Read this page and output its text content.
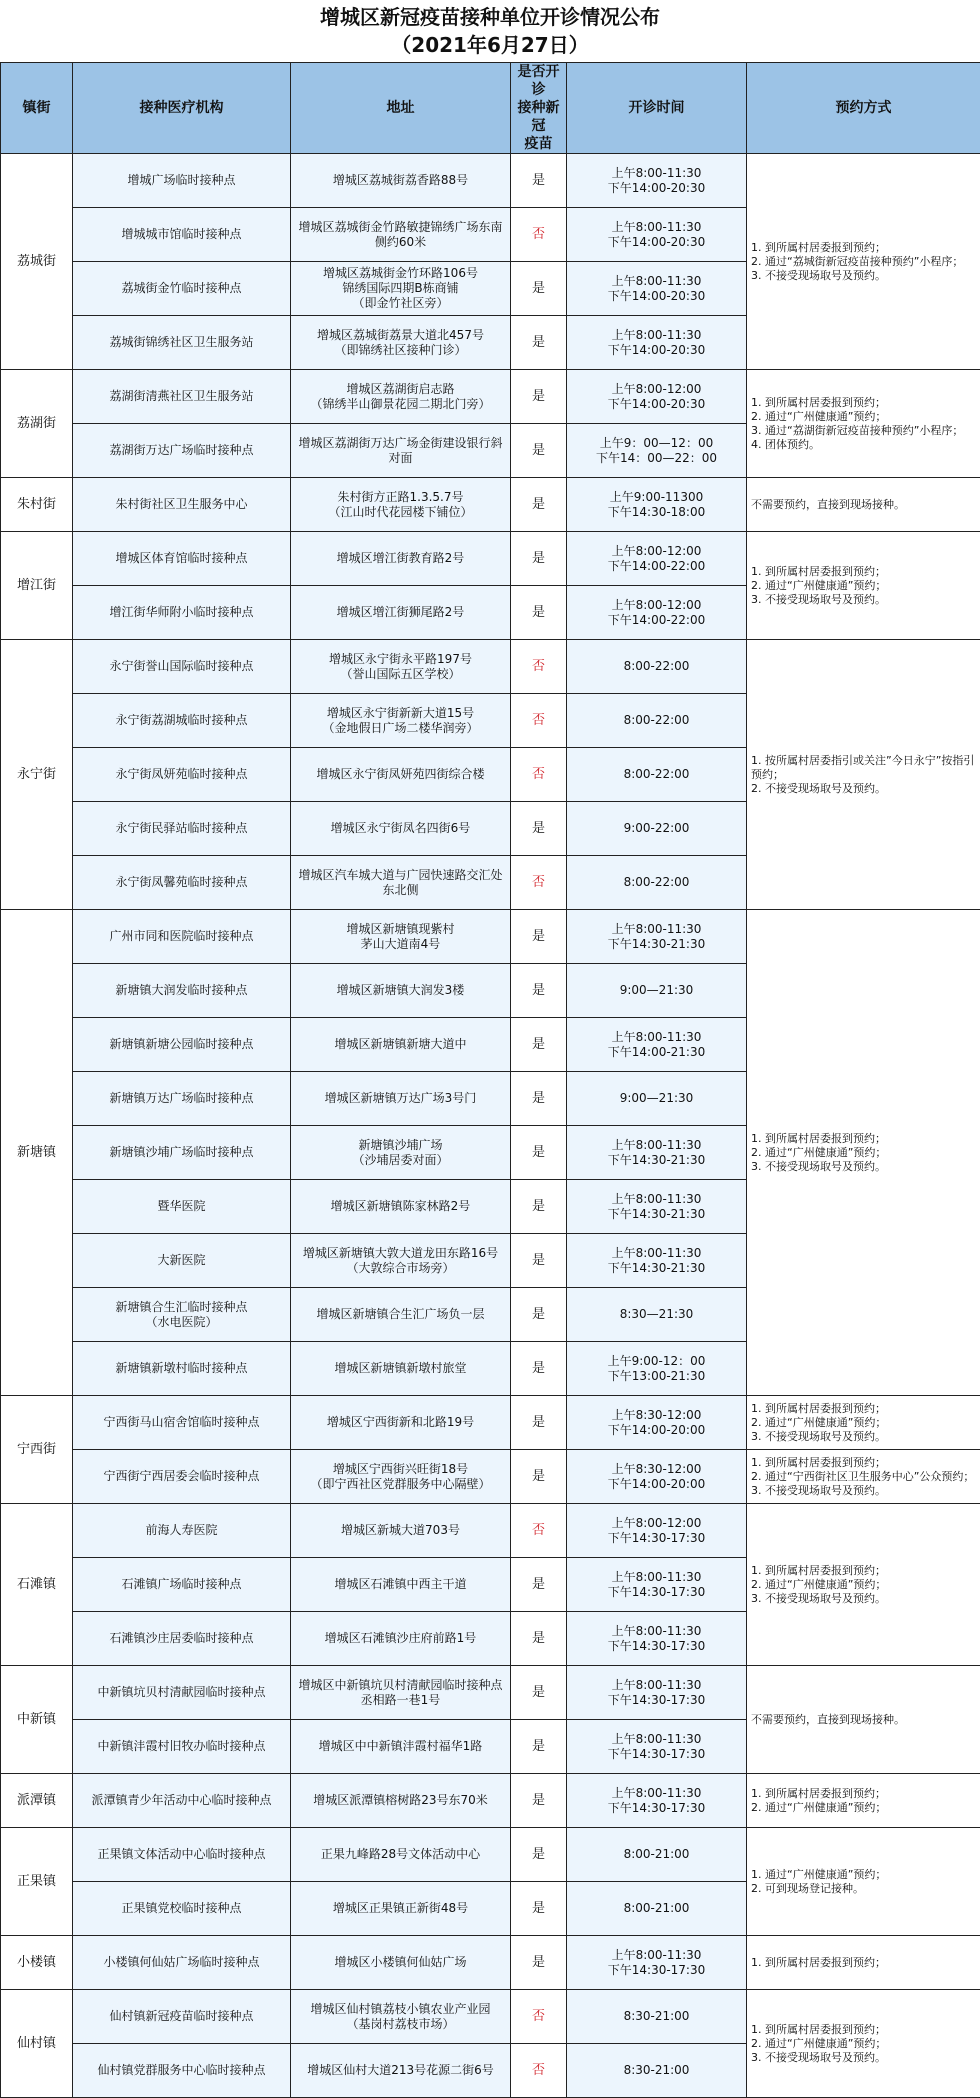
增城区新冠疫苗接种单位开诊情况公布
（2021年6月27日）
镇街	接种医疗机构	地址	是否开诊
接种新冠
疫苗	开诊时间	预约方式
荔城街	增城广场临时接种点	增城区荔城街荔香路88号	是	上午8:00-11:30
下午14:00-20:30	1. 到所属村居委报到预约；
2. 通过“荔城街新冠疫苗接种预约”小程序；
3. 不接受现场取号及预约。
	增城城市馆临时接种点	增城区荔城街金竹路敏捷锦绣广场东南侧约60米	否	上午8:00-11:30
下午14:00-20:30	
	荔城街金竹临时接种点	增城区荔城街金竹环路106号
锦绣国际四期B栋商铺
（即金竹社区旁）	是	上午8:00-11:30
下午14:00-20:30	
	荔城街锦绣社区卫生服务站	增城区荔城街荔景大道北457号
（即锦绣社区接种门诊）	是	上午8:00-11:30
下午14:00-20:30	
荔湖街	荔湖街清燕社区卫生服务站	增城区荔湖街启志路
（锦绣半山御景花园二期北门旁）	是	上午8:00-12:00
下午14:00-20:30	1. 到所属村居委报到预约；
2. 通过“广州健康通”预约；
3. 通过“荔湖街新冠疫苗接种预约”小程序；
4. 团体预约。
	荔湖街万达广场临时接种点	增城区荔湖街万达广场金街建设银行斜对面	是	上午9：00—12：00
下午14：00—22：00	
朱村街	朱村街社区卫生服务中心	朱村街方正路1.3.5.7号
（江山时代花园楼下铺位）	是	上午9:00-11300
下午14:30-18:00	不需要预约，直接到现场接种。
增江街	增城区体育馆临时接种点	增城区增江街教育路2号	是	上午8:00-12:00
下午14:00-22:00	1. 到所属村居委报到预约；
2. 通过“广州健康通”预约；
3. 不接受现场取号及预约。
	增江街华师附小临时接种点	增城区增江街狮尾路2号	是	上午8:00-12:00
下午14:00-22:00	
永宁街	永宁街誉山国际临时接种点	增城区永宁街永平路197号
（誉山国际五区学校）	否	8:00-22:00	1. 按所属村居委指引或关注”今日永宁”按指引预约；
2. 不接受现场取号及预约。
	永宁街荔湖城临时接种点	增城区永宁街新新大道15号
（金地假日广场二楼华润旁）	否	8:00-22:00	
	永宁街凤妍苑临时接种点	增城区永宁街凤妍苑四街综合楼	否	8:00-22:00	
	永宁街民驿站临时接种点	增城区永宁街凤名四街6号	是	9:00-22:00	
	永宁街凤馨苑临时接种点	增城区汽车城大道与广园快速路交汇处东北侧	否	8:00-22:00	
新塘镇	广州市同和医院临时接种点	增城区新塘镇现紫村
茅山大道南4号	是	上午8:00-11:30
下午14:30-21:30	1. 到所属村居委报到预约；
2. 通过“广州健康通”预约；
3. 不接受现场取号及预约。
	新塘镇大润发临时接种点	增城区新塘镇大润发3楼	是	9:00—21:30	
	新塘镇新塘公园临时接种点	增城区新塘镇新塘大道中	是	上午8:00-11:30
下午14:00-21:30	
	新塘镇万达广场临时接种点	增城区新塘镇万达广场3号门	是	9:00—21:30	
	新塘镇沙埔广场临时接种点	新塘镇沙埔广场
（沙埔居委对面）	是	上午8:00-11:30
下午14:30-21:30	
	暨华医院	增城区新塘镇陈家林路2号	是	上午8:00-11:30
下午14:30-21:30	
	大新医院	增城区新塘镇大敦大道龙田东路16号
（大敦综合市场旁）	是	上午8:00-11:30
下午14:30-21:30	
	新塘镇合生汇临时接种点
（水电医院）	增城区新塘镇合生汇广场负一层	是	8:30—21:30	
	新塘镇新墩村临时接种点	增城区新塘镇新墩村旅堂	是	上午9:00-12：00
下午13:00-21:30	
宁西街	宁西街马山宿舍馆临时接种点	增城区宁西街新和北路19号	是	上午8:30-12:00
下午14:00-20:00	1. 到所属村居委报到预约；
2. 通过“广州健康通”预约；
3. 不接受现场取号及预约。
	宁西街宁西居委会临时接种点	增城区宁西街兴旺街18号
（即宁西社区党群服务中心隔壁）	是	上午8:30-12:00
下午14:00-20:00	1. 到所属村居委报到预约；
2. 通过“宁西街社区卫生服务中心”公众预约；
3. 不接受现场取号及预约。
石滩镇	前海人寿医院	增城区新城大道703号	否	上午8:00-12:00
下午14:30-17:30	1. 到所属村居委报到预约；
2. 通过“广州健康通”预约；
3. 不接受现场取号及预约。
	石滩镇广场临时接种点	增城区石滩镇中西主干道	是	上午8:00-11:30
下午14:30-17:30	
	石滩镇沙庄居委临时接种点	增城区石滩镇沙庄府前路1号	是	上午8:00-11:30
下午14:30-17:30	
中新镇	中新镇坑贝村清献园临时接种点	增城区中新镇坑贝村清献园临时接种点丞相路一巷1号	是	上午8:00-11:30
下午14:30-17:30	不需要预约，直接到现场接种。
	中新镇沣霞村旧牧办临时接种点	增城区中中新镇沣霞村福华1路	是	上午8:00-11:30
下午14:30-17:30	
派潭镇	派潭镇青少年活动中心临时接种点	增城区派潭镇榕树路23号东70米	是	上午8:00-11:30
下午14:30-17:30	1. 到所属村居委报到预约；
2. 通过“广州健康通”预约；
正果镇	正果镇文体活动中心临时接种点	正果九峰路28号文体活动中心	是	8:00-21:00	1. 通过“广州健康通”预约；
2. 可到现场登记接种。
	正果镇党校临时接种点	增城区正果镇正新街48号	是	8:00-21:00	
小楼镇	小楼镇何仙姑广场临时接种点	增城区小楼镇何仙姑广场	是	上午8:00-11:30
下午14:30-17:30	1. 到所属村居委报到预约；
仙村镇	仙村镇新冠疫苗临时接种点	增城区仙村镇荔枝小镇农业产业园
（基岗村荔枝市场）	否	8:30-21:00	1. 到所属村居委报到预约；
2. 通过“广州健康通”预约；
3. 不接受现场取号及预约。
	仙村镇党群服务中心临时接种点	增城区仙村大道213号花源二街6号	否	8:30-21:00	
